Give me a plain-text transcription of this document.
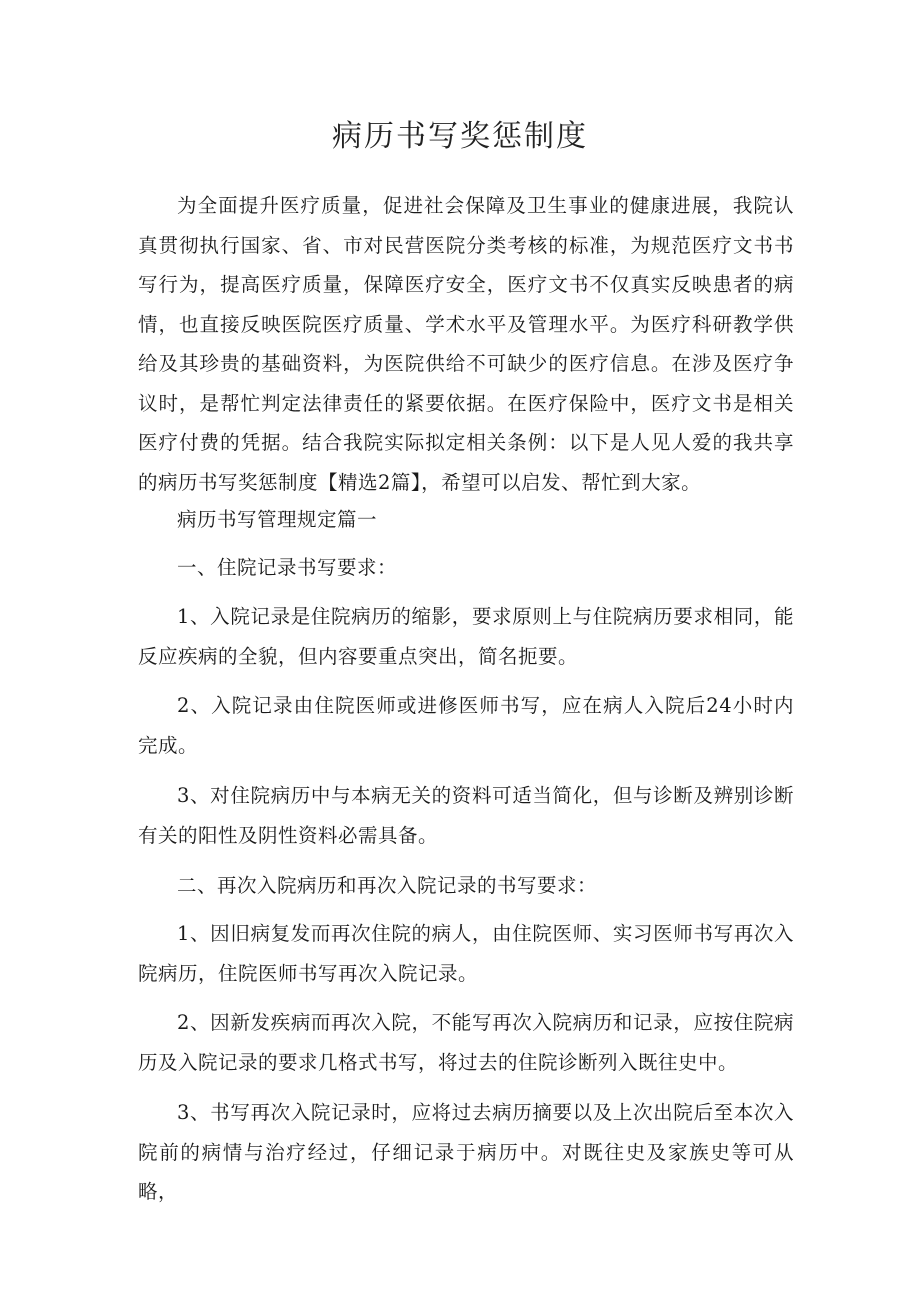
病历书写奖惩制度

为全面提升医疗质量，促进社会保障及卫生事业的健康进展，我院认真贯彻执行国家、省、市对民营医院分类考核的标准，为规范医疗文书书写行为，提高医疗质量，保障医疗安全，医疗文书不仅真实反映患者的病情，也直接反映医院医疗质量、学术水平及管理水平。为医疗科研教学供给及其珍贵的基础资料，为医院供给不可缺少的医疗信息。在涉及医疗争议时，是帮忙判定法律责任的紧要依据。在医疗保险中，医疗文书是相关医疗付费的凭据。结合我院实际拟定相关条例：以下是人见人爱的我共享的病历书写奖惩制度【精选2篇】，希望可以启发、帮忙到大家。

病历书写管理规定篇一

一、住院记录书写要求：

1、入院记录是住院病历的缩影，要求原则上与住院病历要求相同，能反应疾病的全貌，但内容要重点突出，简名扼要。

2、入院记录由住院医师或进修医师书写，应在病人入院后24小时内完成。

3、对住院病历中与本病无关的资料可适当简化，但与诊断及辨别诊断有关的阳性及阴性资料必需具备。

二、再次入院病历和再次入院记录的书写要求：

1、因旧病复发而再次住院的病人，由住院医师、实习医师书写再次入院病历，住院医师书写再次入院记录。

2、因新发疾病而再次入院，不能写再次入院病历和记录，应按住院病历及入院记录的要求几格式书写，将过去的住院诊断列入既往史中。

3、书写再次入院记录时，应将过去病历摘要以及上次出院后至本次入院前的病情与治疗经过，仔细记录于病历中。对既往史及家族史等可从略，
